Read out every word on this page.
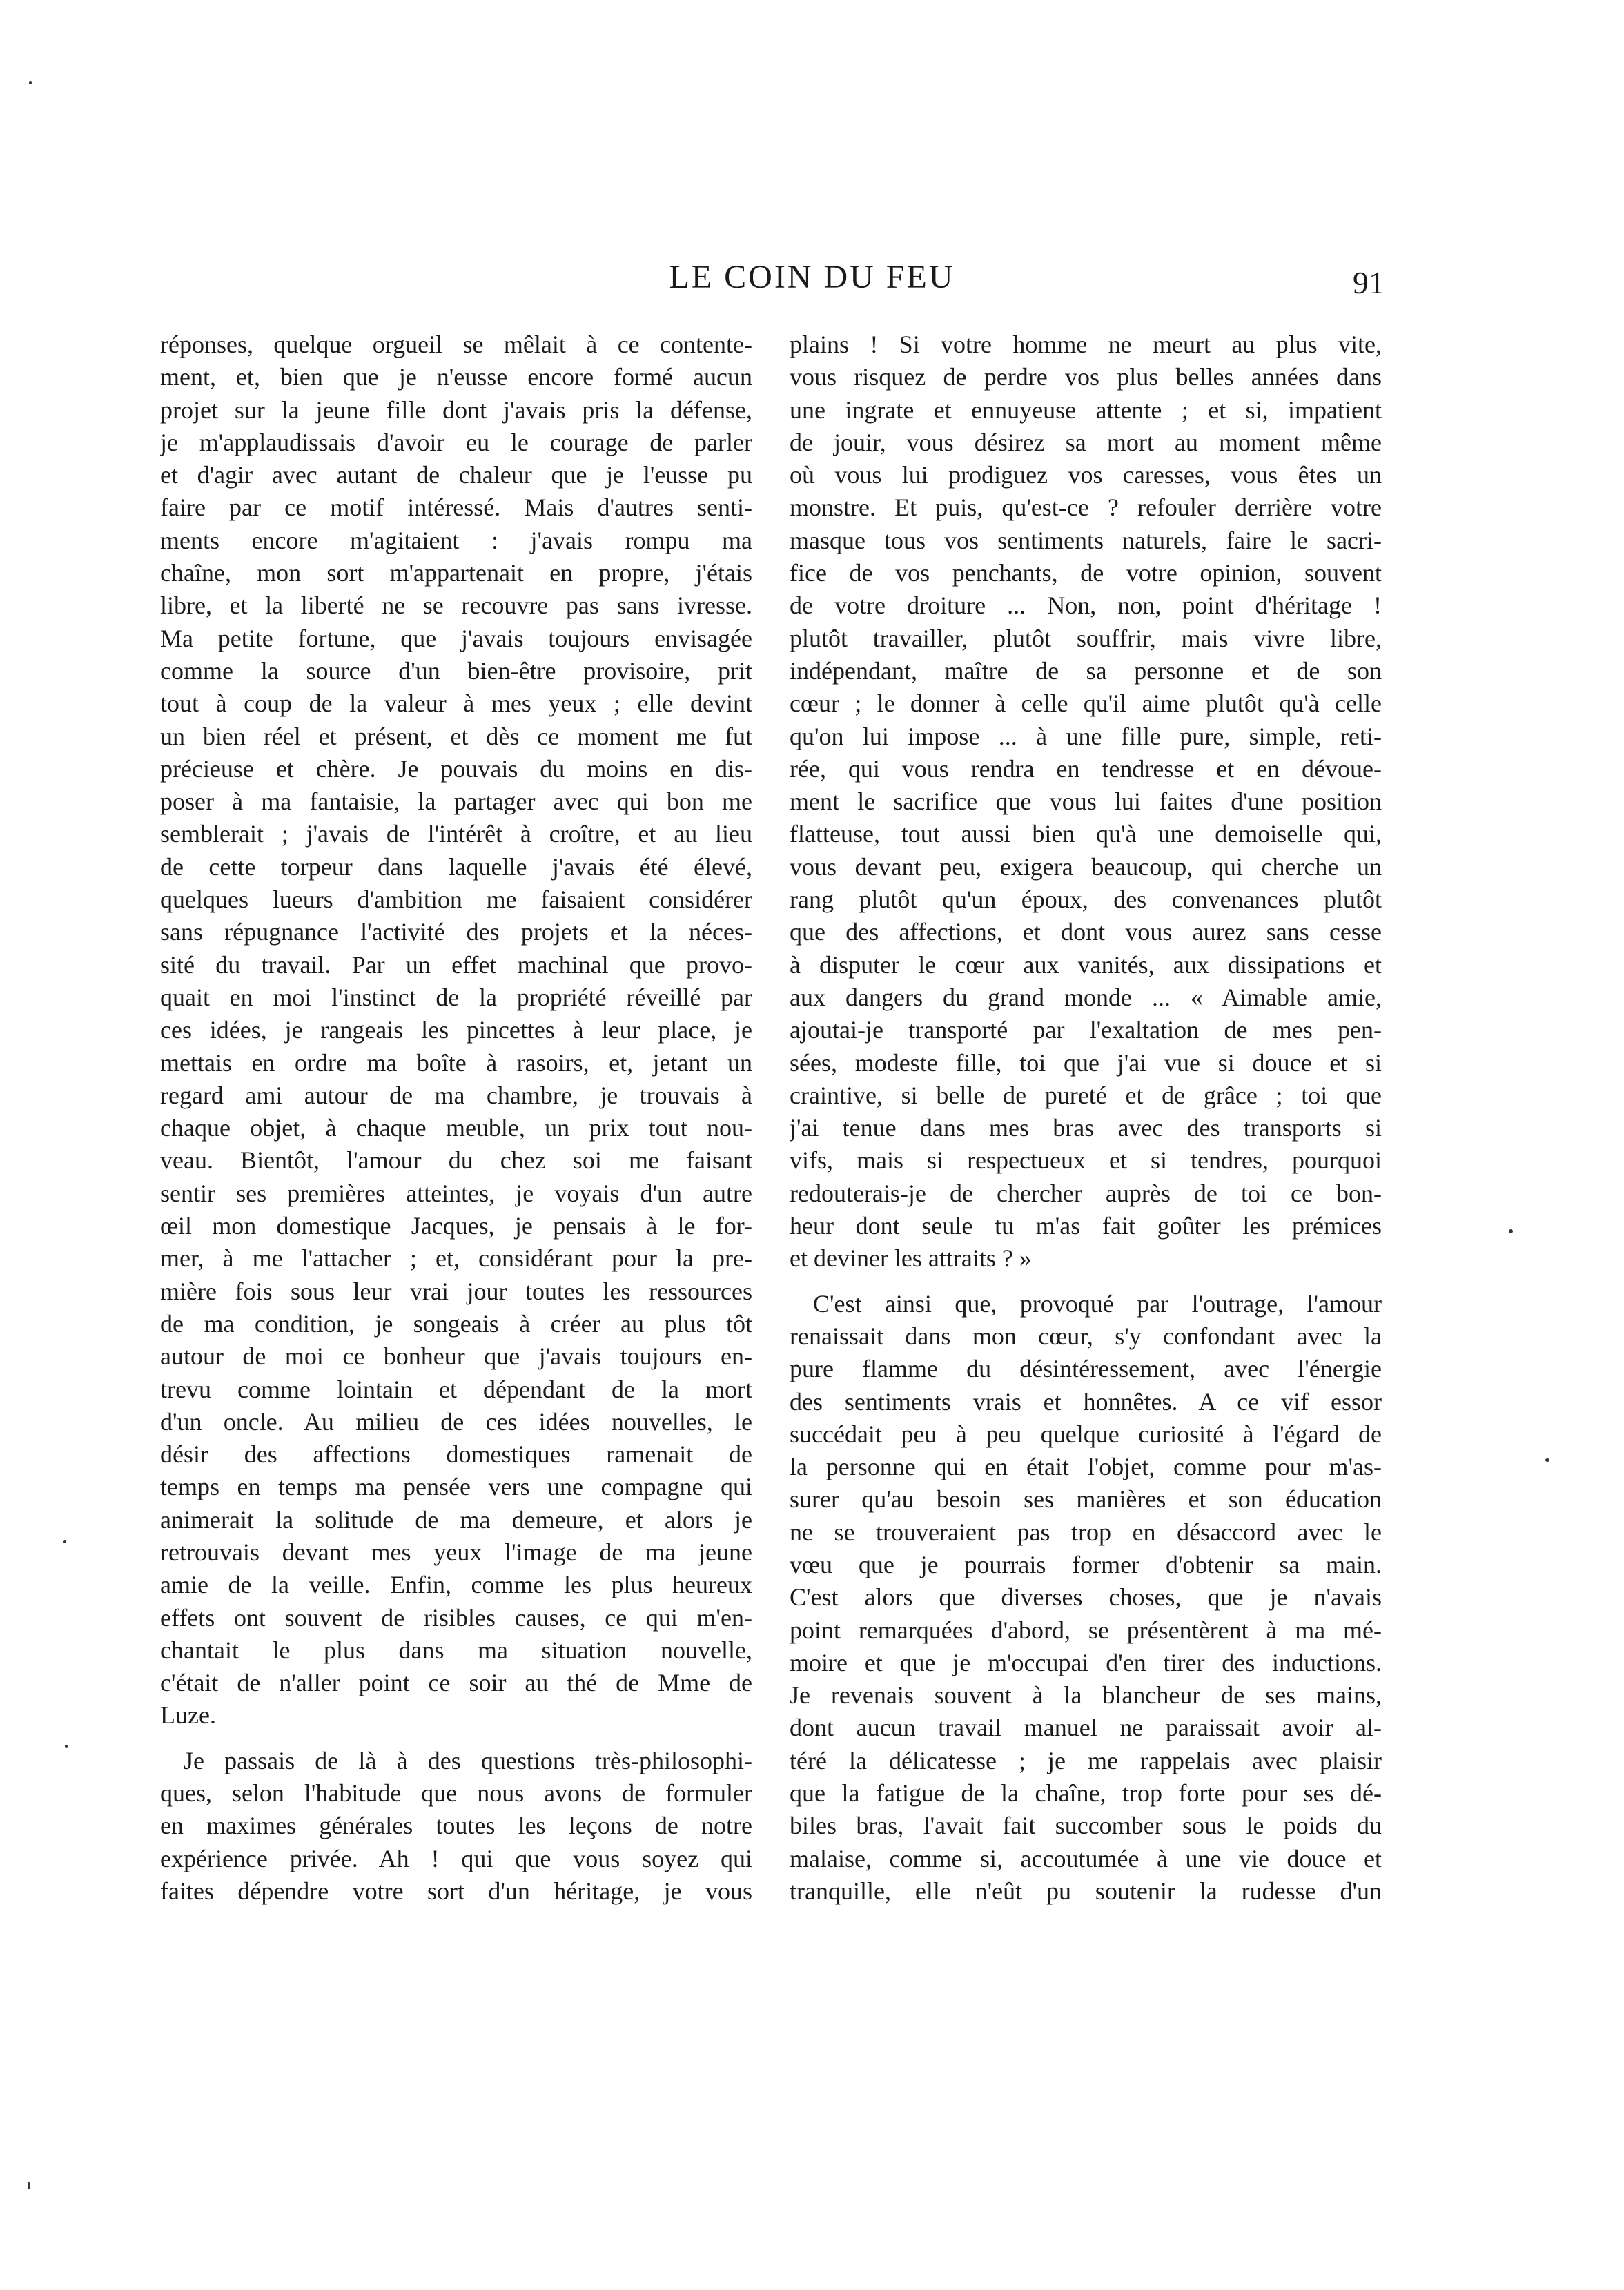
LE COIN DU FEU	91
réponses, quelque orgueil se mêlait à ce contente-
ment, et, bien que je n'eusse encore formé aucun
projet sur la jeune fille dont j'avais pris la défense,
je m'applaudissais d'avoir eu le courage de parler
et d'agir avec autant de chaleur que je l'eusse pu
faire par ce motif intéressé. Mais d'autres senti-
ments encore m'agitaient : j'avais rompu ma
chaîne, mon sort m'appartenait en propre, j'étais
libre, et la liberté ne se recouvre pas sans ivresse.
Ma petite fortune, que j'avais toujours envisagée
comme la source d'un bien-être provisoire, prit
tout à coup de la valeur à mes yeux ; elle devint
un bien réel et présent, et dès ce moment me fut
précieuse et chère. Je pouvais du moins en dis-
poser à ma fantaisie, la partager avec qui bon me
semblerait ; j'avais de l'intérêt à croître, et au lieu
de cette torpeur dans laquelle j'avais été élevé,
quelques lueurs d'ambition me faisaient considérer
sans répugnance l'activité des projets et la néces-
sité du travail. Par un effet machinal que provo-
quait en moi l'instinct de la propriété réveillé par
ces idées, je rangeais les pincettes à leur place, je
mettais en ordre ma boîte à rasoirs, et, jetant un
regard ami autour de ma chambre, je trouvais à
chaque objet, à chaque meuble, un prix tout nou-
veau. Bientôt, l'amour du chez soi me faisant
sentir ses premières atteintes, je voyais d'un autre
œil mon domestique Jacques, je pensais à le for-
mer, à me l'attacher ; et, considérant pour la pre-
mière fois sous leur vrai jour toutes les ressources
de ma condition, je songeais à créer au plus tôt
autour de moi ce bonheur que j'avais toujours en-
trevu comme lointain et dépendant de la mort
d'un oncle. Au milieu de ces idées nouvelles, le
désir des affections domestiques ramenait de
temps en temps ma pensée vers une compagne qui
animerait la solitude de ma demeure, et alors je
retrouvais devant mes yeux l'image de ma jeune
amie de la veille. Enfin, comme les plus heureux
effets ont souvent de risibles causes, ce qui m'en-
chantait le plus dans ma situation nouvelle,
c'était de n'aller point ce soir au thé de Mme de
Luze.
Je passais de là à des questions très-philosophi-
ques, selon l'habitude que nous avons de formuler
en maximes générales toutes les leçons de notre
expérience privée. Ah ! qui que vous soyez qui
faites dépendre votre sort d'un héritage, je vous
plains ! Si votre homme ne meurt au plus vite,
vous risquez de perdre vos plus belles années dans
une ingrate et ennuyeuse attente ; et si, impatient
de jouir, vous désirez sa mort au moment même
où vous lui prodiguez vos caresses, vous êtes un
monstre. Et puis, qu'est-ce ? refouler derrière votre
masque tous vos sentiments naturels, faire le sacri-
fice de vos penchants, de votre opinion, souvent
de votre droiture ... Non, non, point d'héritage !
plutôt travailler, plutôt souffrir, mais vivre libre,
indépendant, maître de sa personne et de son
cœur ; le donner à celle qu'il aime plutôt qu'à celle
qu'on lui impose ... à une fille pure, simple, reti-
rée, qui vous rendra en tendresse et en dévoue-
ment le sacrifice que vous lui faites d'une position
flatteuse, tout aussi bien qu'à une demoiselle qui,
vous devant peu, exigera beaucoup, qui cherche un
rang plutôt qu'un époux, des convenances plutôt
que des affections, et dont vous aurez sans cesse
à disputer le cœur aux vanités, aux dissipations et
aux dangers du grand monde ... « Aimable amie,
ajoutai-je transporté par l'exaltation de mes pen-
sées, modeste fille, toi que j'ai vue si douce et si
craintive, si belle de pureté et de grâce ; toi que
j'ai tenue dans mes bras avec des transports si
vifs, mais si respectueux et si tendres, pourquoi
redouterais-je de chercher auprès de toi ce bon-
heur dont seule tu m'as fait goûter les prémices
et deviner les attraits ? »
C'est ainsi que, provoqué par l'outrage, l'amour
renaissait dans mon cœur, s'y confondant avec la
pure flamme du désintéressement, avec l'énergie
des sentiments vrais et honnêtes. A ce vif essor
succédait peu à peu quelque curiosité à l'égard de
la personne qui en était l'objet, comme pour m'as-
surer qu'au besoin ses manières et son éducation
ne se trouveraient pas trop en désaccord avec le
vœu que je pourrais former d'obtenir sa main.
C'est alors que diverses choses, que je n'avais
point remarquées d'abord, se présentèrent à ma mé-
moire et que je m'occupai d'en tirer des inductions.
Je revenais souvent à la blancheur de ses mains,
dont aucun travail manuel ne paraissait avoir al-
téré la délicatesse ; je me rappelais avec plaisir
que la fatigue de la chaîne, trop forte pour ses dé-
biles bras, l'avait fait succomber sous le poids du
malaise, comme si, accoutumée à une vie douce et
tranquille, elle n'eût pu soutenir la rudesse d'un
